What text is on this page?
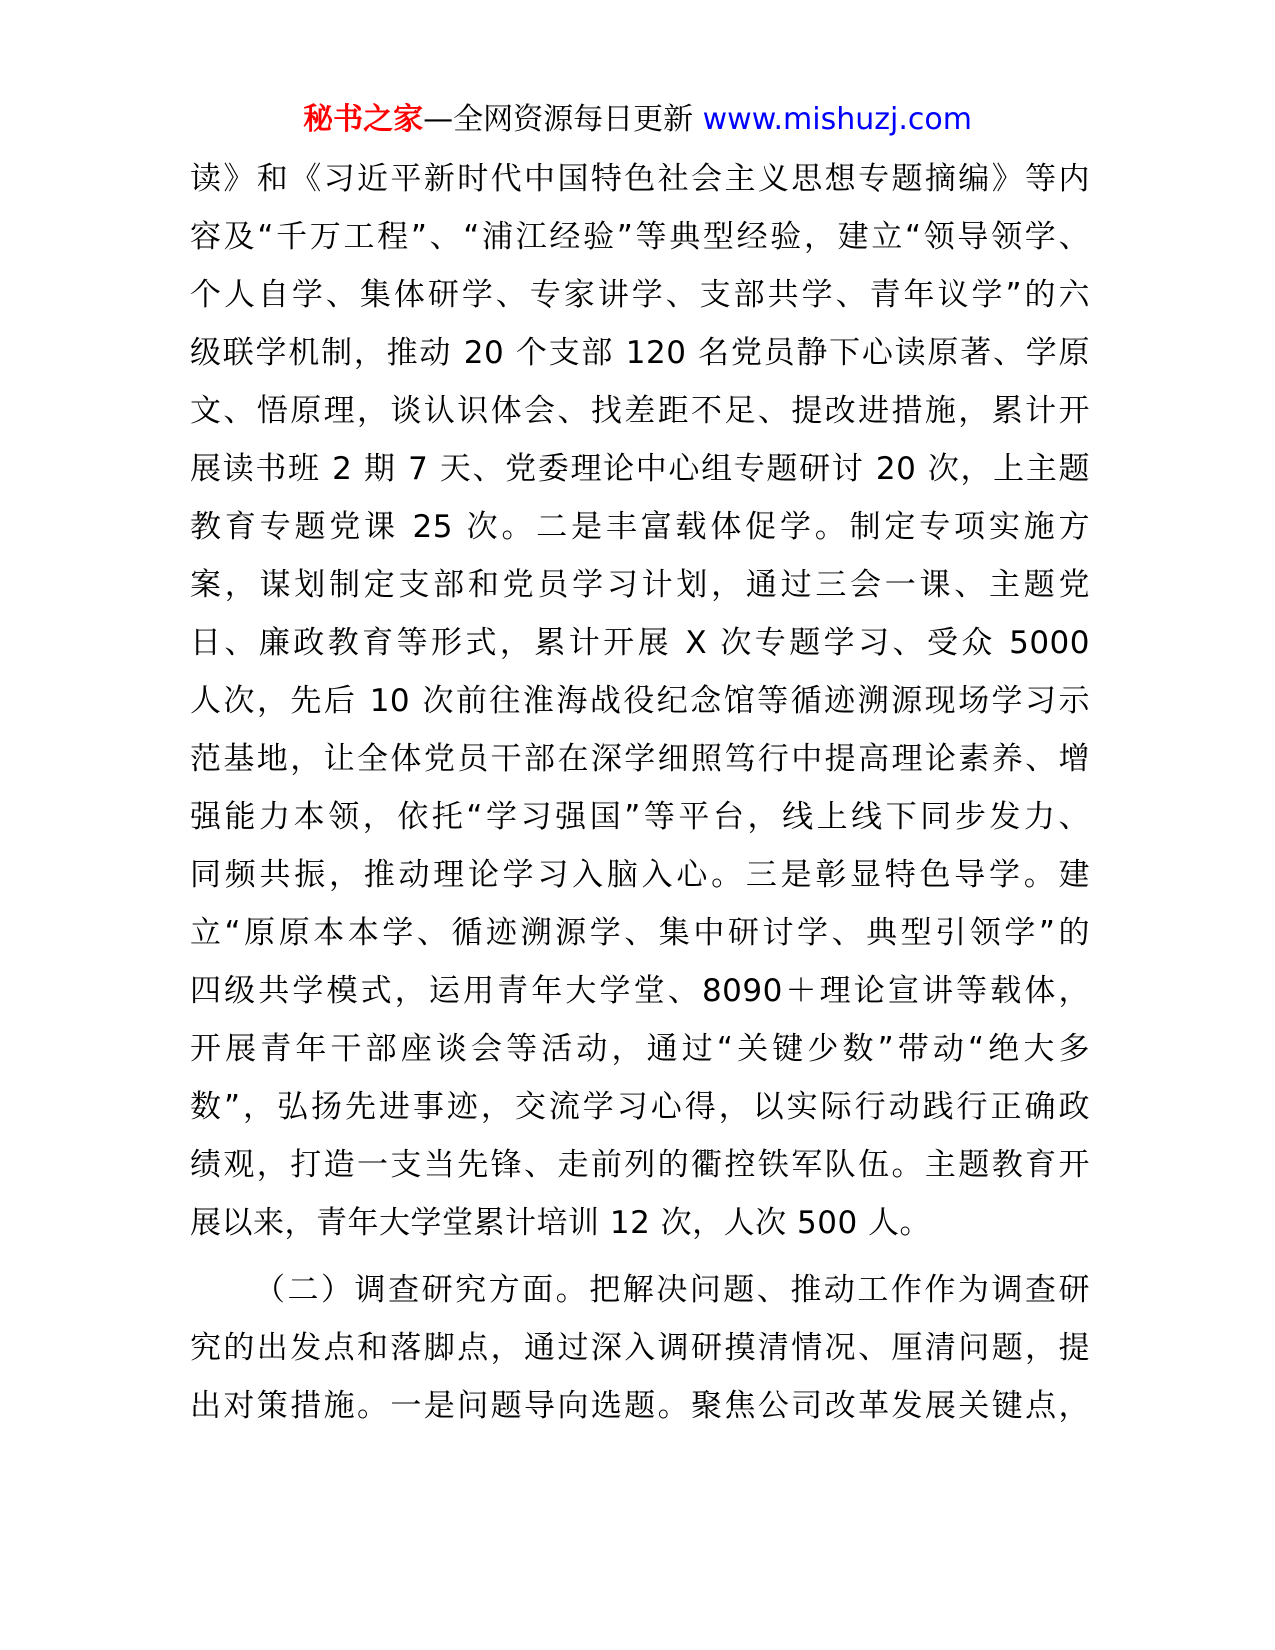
秘书之家—全网资源每日更新 www.mishuzj.com

读》和《习近平新时代中国特色社会主义思想专题摘编》等内
容及“千万工程”、“浦江经验”等典型经验，建立“领导领学、
个人自学、集体研学、专家讲学、支部共学、青年议学”的六
级联学机制，推动 20 个支部 120 名党员静下心读原著、学原
文、悟原理，谈认识体会、找差距不足、提改进措施，累计开
展读书班 2 期 7 天、党委理论中心组专题研讨 20 次，上主题
教育专题党课 25 次。二是丰富载体促学。制定专项实施方
案，谋划制定支部和党员学习计划，通过三会一课、主题党
日、廉政教育等形式，累计开展 X 次专题学习、受众 5000
人次，先后 10 次前往淮海战役纪念馆等循迹溯源现场学习示
范基地，让全体党员干部在深学细照笃行中提高理论素养、增
强能力本领，依托“学习强国”等平台，线上线下同步发力、
同频共振，推动理论学习入脑入心。三是彰显特色导学。建
立“原原本本学、循迹溯源学、集中研讨学、典型引领学”的
四级共学模式，运用青年大学堂、8090＋理论宣讲等载体，
开展青年干部座谈会等活动，通过“关键少数”带动“绝大多
数”，弘扬先进事迹，交流学习心得，以实际行动践行正确政
绩观，打造一支当先锋、走前列的衢控铁军队伍。主题教育开
展以来，青年大学堂累计培训 12 次，人次 500 人。

（二）调查研究方面。把解决问题、推动工作作为调查研
究的出发点和落脚点，通过深入调研摸清情况、厘清问题，提
出对策措施。一是问题导向选题。聚焦公司改革发展关键点，
